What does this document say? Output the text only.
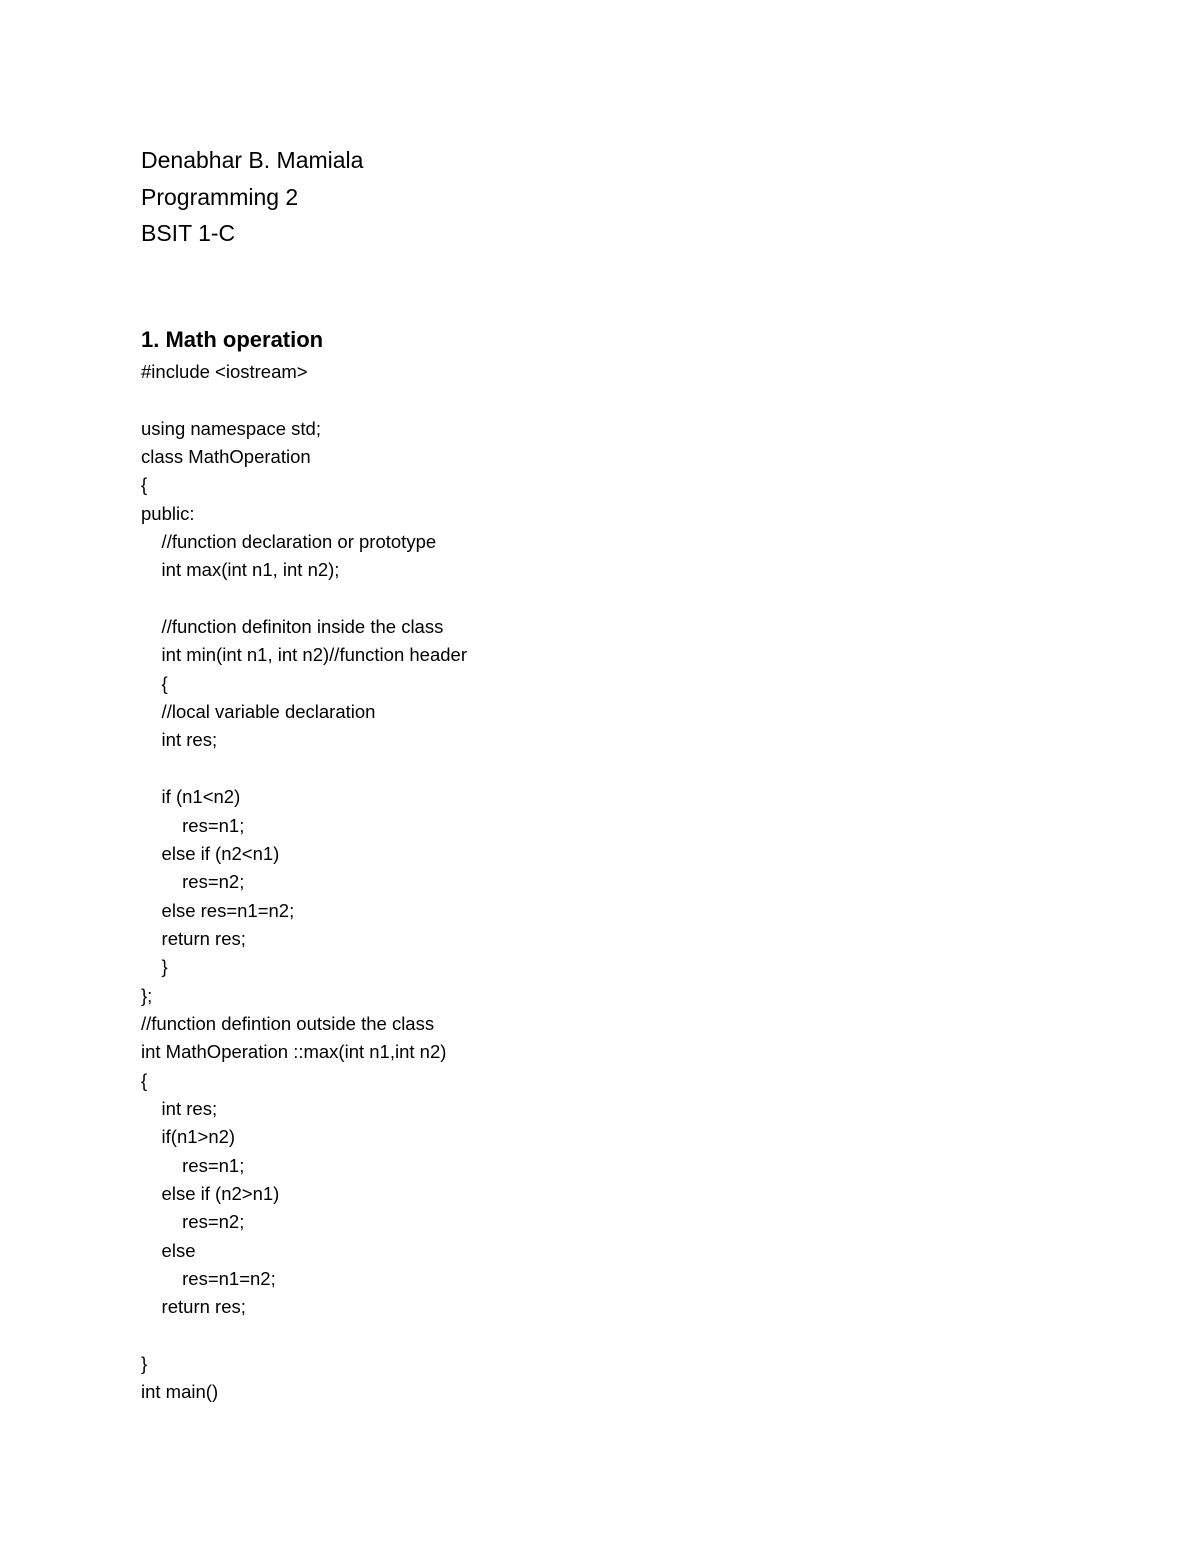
Denabhar B. Mamiala
Programming 2
BSIT 1-C
1. Math operation
#include <iostream>
using namespace std;
class MathOperation
{
public:
//function declaration or prototype
int max(int n1, int n2);
//function definiton inside the class
int min(int n1, int n2)//function header
{
//local variable declaration
int res;
if (n1<n2)
res=n1;
else if (n2<n1)
res=n2;
else res=n1=n2;
return res;
}
};
//function defintion outside the class
int MathOperation ::max(int n1,int n2)
{
int res;
if(n1>n2)
res=n1;
else if (n2>n1)
res=n2;
else
res=n1=n2;
return res;
}
int main()
